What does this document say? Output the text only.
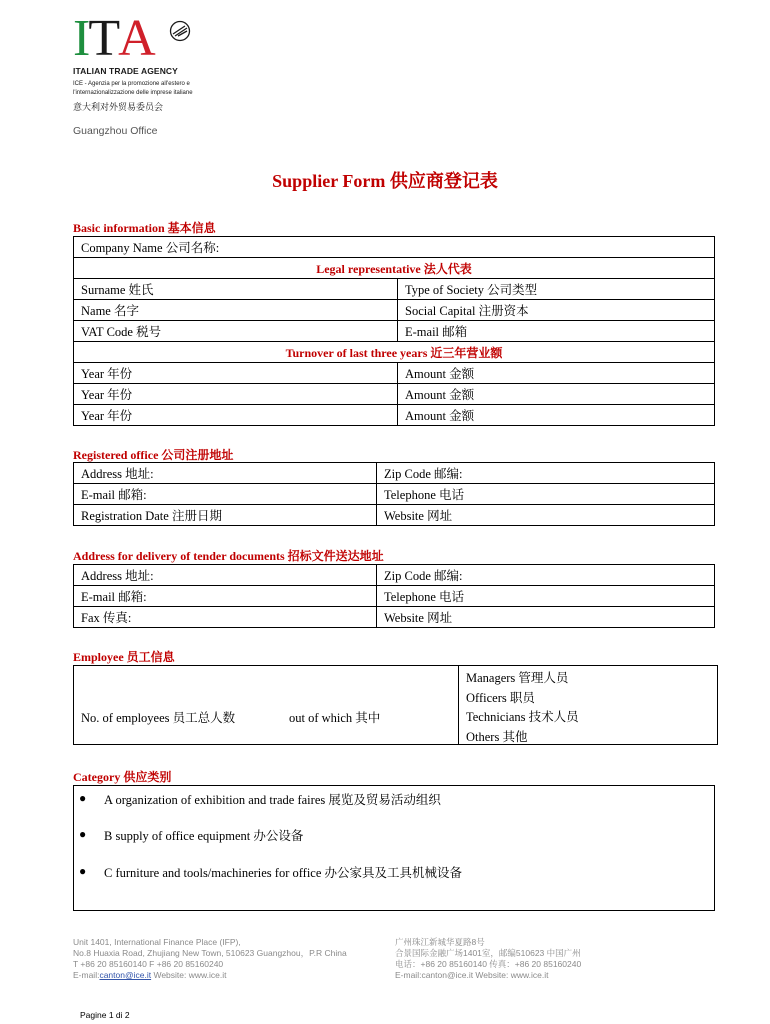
I T A
ITALIAN TRADE AGENCY
ICE - Agenzia per la promozione all'estero e
l'internazionalizzazione delle imprese italiane
意大利对外贸易委员会
Guangzhou Office
Supplier Form 供应商登记表
Basic information 基本信息
Company Name 公司名称:	
Legal representative 法人代表	
Surname 姓氏	Type of Society 公司类型
Name 名字	Social Capital 注册资本
VAT Code 税号	E-mail 邮箱
Turnover of last three years 近三年营业额	
Year 年份	Amount 金额
Year 年份	Amount 金额
Year 年份	Amount 金额
Registered office 公司注册地址
Address 地址:	Zip Code 邮编:
E-mail 邮箱:	Telephone 电话
Registration Date 注册日期	Website 网址
Address for delivery of tender documents 招标文件送达地址
Address 地址:	Zip Code 邮编:
E-mail 邮箱:	Telephone 电话
Fax 传真:	Website 网址
Employee 员工信息
No. of employees 员工总人数	out of which 其中
Managers 管理人员
Officers 职员
Technicians 技术人员
Others 其他
Category 供应类别
● A organization of exhibition and trade faires 展览及贸易活动组织
● B supply of office equipment 办公设备
● C furniture and tools/machineries for office 办公家具及工具机械设备
Unit 1401, International Finance Place (IFP),
No.8 Huaxia Road, Zhujiang New Town, 510623 Guangzhou，P.R China
T +86 20 85160140 F +86 20 85160240
E-mail:canton@ice.it Website: www.ice.it
广州珠江新城华夏路8号
合景国际金融广场1401室，邮编510623 中国广州
电话：+86 20 85160140 传真：+86 20 85160240
E-mail:canton@ice.it Website: www.ice.it
Pagine 1 di 2
